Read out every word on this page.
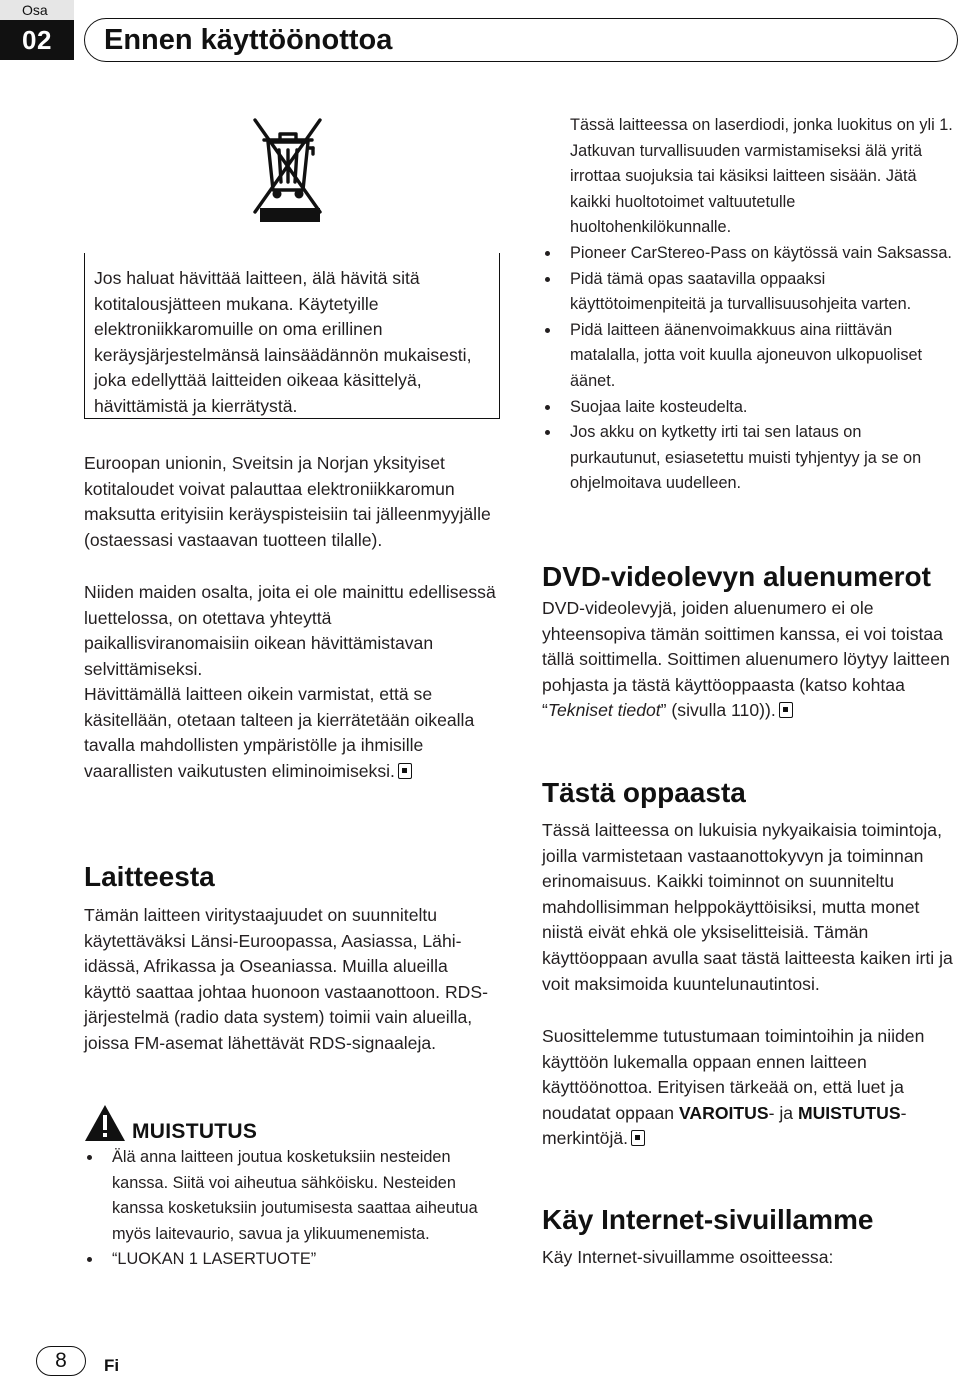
Osa
02	Ennen käyttöönottoa

Jos haluat hävittää laitteen, älä hävitä sitä kotitalousjätteen mukana. Käytetyille elektroniikkaromuille on oma erillinen keräysjärjestelmänsä lainsäädännön mukaisesti, joka edellyttää laitteiden oikeaa käsittelyä, hävittämistä ja kierrätystä.

Euroopan unionin, Sveitsin ja Norjan yksityiset kotitaloudet voivat palauttaa elektroniikkaromun maksutta erityisiin keräyspisteisiin tai jälleenmyyjälle (ostaessasi vastaavan tuotteen tilalle).

Niiden maiden osalta, joita ei ole mainittu edellisessä luettelossa, on otettava yhteyttä paikallisviranomaisiin oikean hävittämistavan selvittämiseksi.

Hävittämällä laitteen oikein varmistat, että se käsitellään, otetaan talteen ja kierrätetään oikealla tavalla mahdollisten ympäristölle ja ihmisille vaarallisten vaikutusten eliminoimiseksi.

Laitteesta

Tämän laitteen viritystaajuudet on suunniteltu käytettäväksi Länsi-Euroopassa, Aasiassa, Lähi-idässä, Afrikassa ja Oseaniassa. Muilla alueilla käyttö saattaa johtaa huonoon vastaanottoon. RDS-järjestelmä (radio data system) toimii vain alueilla, joissa FM-asemat lähettävät RDS-signaaleja.

MUISTUTUS
Älä anna laitteen joutua kosketuksiin nesteiden kanssa. Siitä voi aiheutua sähköisku. Nesteiden kanssa kosketuksiin joutumisesta saattaa aiheutua myös laitevaurio, savua ja ylikuumenemista.
“LUOKAN 1 LASERTUOTE”

Tässä laitteessa on laserdiodi, jonka luokitus on yli 1. Jatkuvan turvallisuuden varmistamiseksi älä yritä irrottaa suojuksia tai käsiksi laitteen sisään. Jätä kaikki huoltotoimet valtuutetulle huoltohenkilökunnalle.

Pioneer CarStereo-Pass on käytössä vain Saksassa.
Pidä tämä opas saatavilla oppaaksi käyttötoimenpiteitä ja turvallisuusohjeita varten.
Pidä laitteen äänenvoimakkuus aina riittävän matalalla, jotta voit kuulla ajoneuvon ulkopuoliset äänet.
Suojaa laite kosteudelta.
Jos akku on kytketty irti tai sen lataus on purkautunut, esiasetettu muisti tyhjentyy ja se on ohjelmoitava uudelleen.
DVD-videolevyn aluenumerot

DVD-videolevyjä, joiden aluenumero ei ole yhteensopiva tämän soittimen kanssa, ei voi toistaa tällä soittimella. Soittimen aluenumero löytyy laitteen pohjasta ja tästä käyttöoppaasta (katso kohtaa “Tekniset tiedot” (sivulla 110)).

Tästä oppaasta

Tässä laitteessa on lukuisia nykyaikaisia toimintoja, joilla varmistetaan vastaanottokyvyn ja toiminnan erinomaisuus. Kaikki toiminnot on suunniteltu mahdollisimman helppokäyttöisiksi, mutta monet niistä eivät ehkä ole yksiselitteisiä. Tämän käyttöoppaan avulla saat tästä laitteesta kaiken irti ja voit maksimoida kuuntelunautintosi.

Suosittelemme tutustumaan toimintoihin ja niiden käyttöön lukemalla oppaan ennen laitteen käyttöönottoa. Erityisen tärkeää on, että luet ja noudatat oppaan VAROITUS- ja MUISTUTUS-merkintöjä.

Käy Internet-sivuillamme

Käy Internet-sivuillamme osoitteessa:

8	Fi
